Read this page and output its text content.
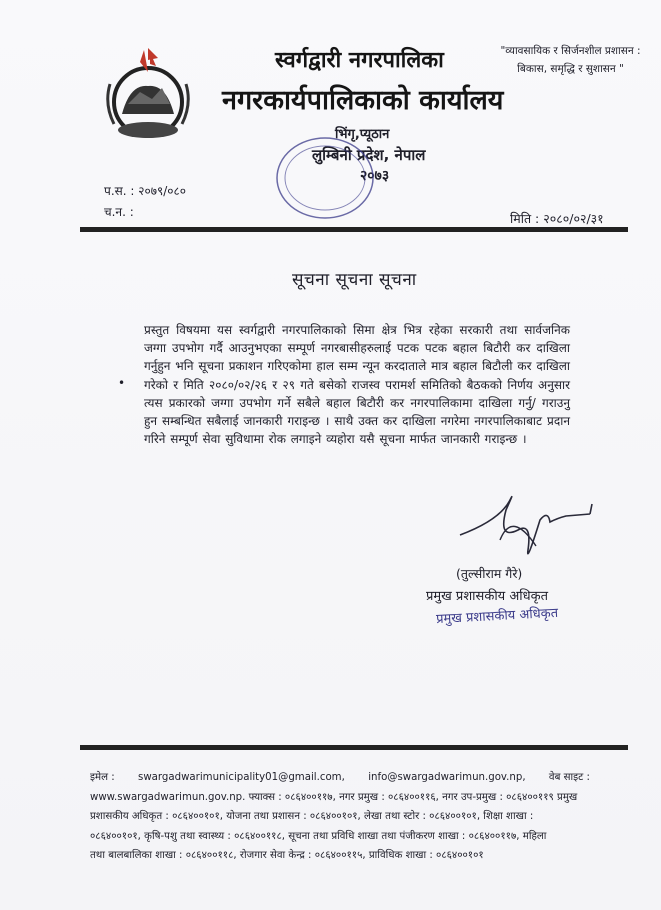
स्वर्गद्वारी नगरपालिका
नगरकार्यपालिकाको कार्यालय
भिंगृ,प्यूठान
लुम्बिनी प्रदेश, नेपाल
२०७३
"व्यावसायिक र सिर्जनशील प्रशासन :
बिकास, समृद्धि र सुशासन "
प.स. : २०७९/०८०
च.न. :	मिति : २०८०/०२/३१
सूचना सूचना सूचना
•
प्रस्तुत विषयमा यस स्वर्गद्वारी नगरपालिकाको सिमा क्षेत्र भित्र रहेका सरकारी तथा सार्वजनिक जग्गा उपभोग गर्दै आउनुभएका सम्पूर्ण नगरबासीहरुलाई पटक पटक बहाल बिटौरी कर दाखिला गर्नुहुन भनि सूचना प्रकाशन गरिएकोमा हाल सम्म न्यून करदाताले मात्र बहाल बिटौली कर दाखिला गरेको र मिति २०८०/०२/२६ र २९ गते बसेको राजस्व परामर्श समितिको बैठकको निर्णय अनुसार त्यस प्रकारको जग्गा उपभोग गर्ने सबैले बहाल बिटौरी कर नगरपालिकामा दाखिला गर्नु/ गराउनु हुन सम्बन्धित सबैलाई जानकारी गराइन्छ । साथै उक्त कर दाखिला नगरेमा नगरपालिकाबाट प्रदान गरिने सम्पूर्ण सेवा सुविधामा रोक लगाइने व्यहोरा यसै सूचना मार्फत जानकारी गराइन्छ ।
(तुल्सीराम गैरे)
प्रमुख प्रशासकीय अधिकृत
प्रमुख प्रशासकीय अधिकृत
इमेल : swargadwarimunicipality01@gmail.com, info@swargadwarimun.gov.np, वेब साइट :
www.swargadwarimun.gov.np. फ्याक्स : ०८६४००११७, नगर प्रमुख : ०८६४००११६, नगर उप-प्रमुख : ०८६४००११९ प्रमुख
प्रशासकीय अधिकृत : ०८६४००१०१, योजना तथा प्रशासन : ०८६४००१०१, लेखा तथा स्टोर : ०८६४००१०१, शिक्षा शाखा :
०८६४००१०१, कृषि-पशु तथा स्वास्थ्य : ०८६४००११८, सूचना तथा प्रविधि शाखा तथा पंजीकरण शाखा : ०८६४००११७, महिला
तथा बालबालिका शाखा : ०८६४००११८, रोजगार सेवा केन्द्र : ०८६४००११५, प्राविधिक शाखा : ०८६४००१०१
